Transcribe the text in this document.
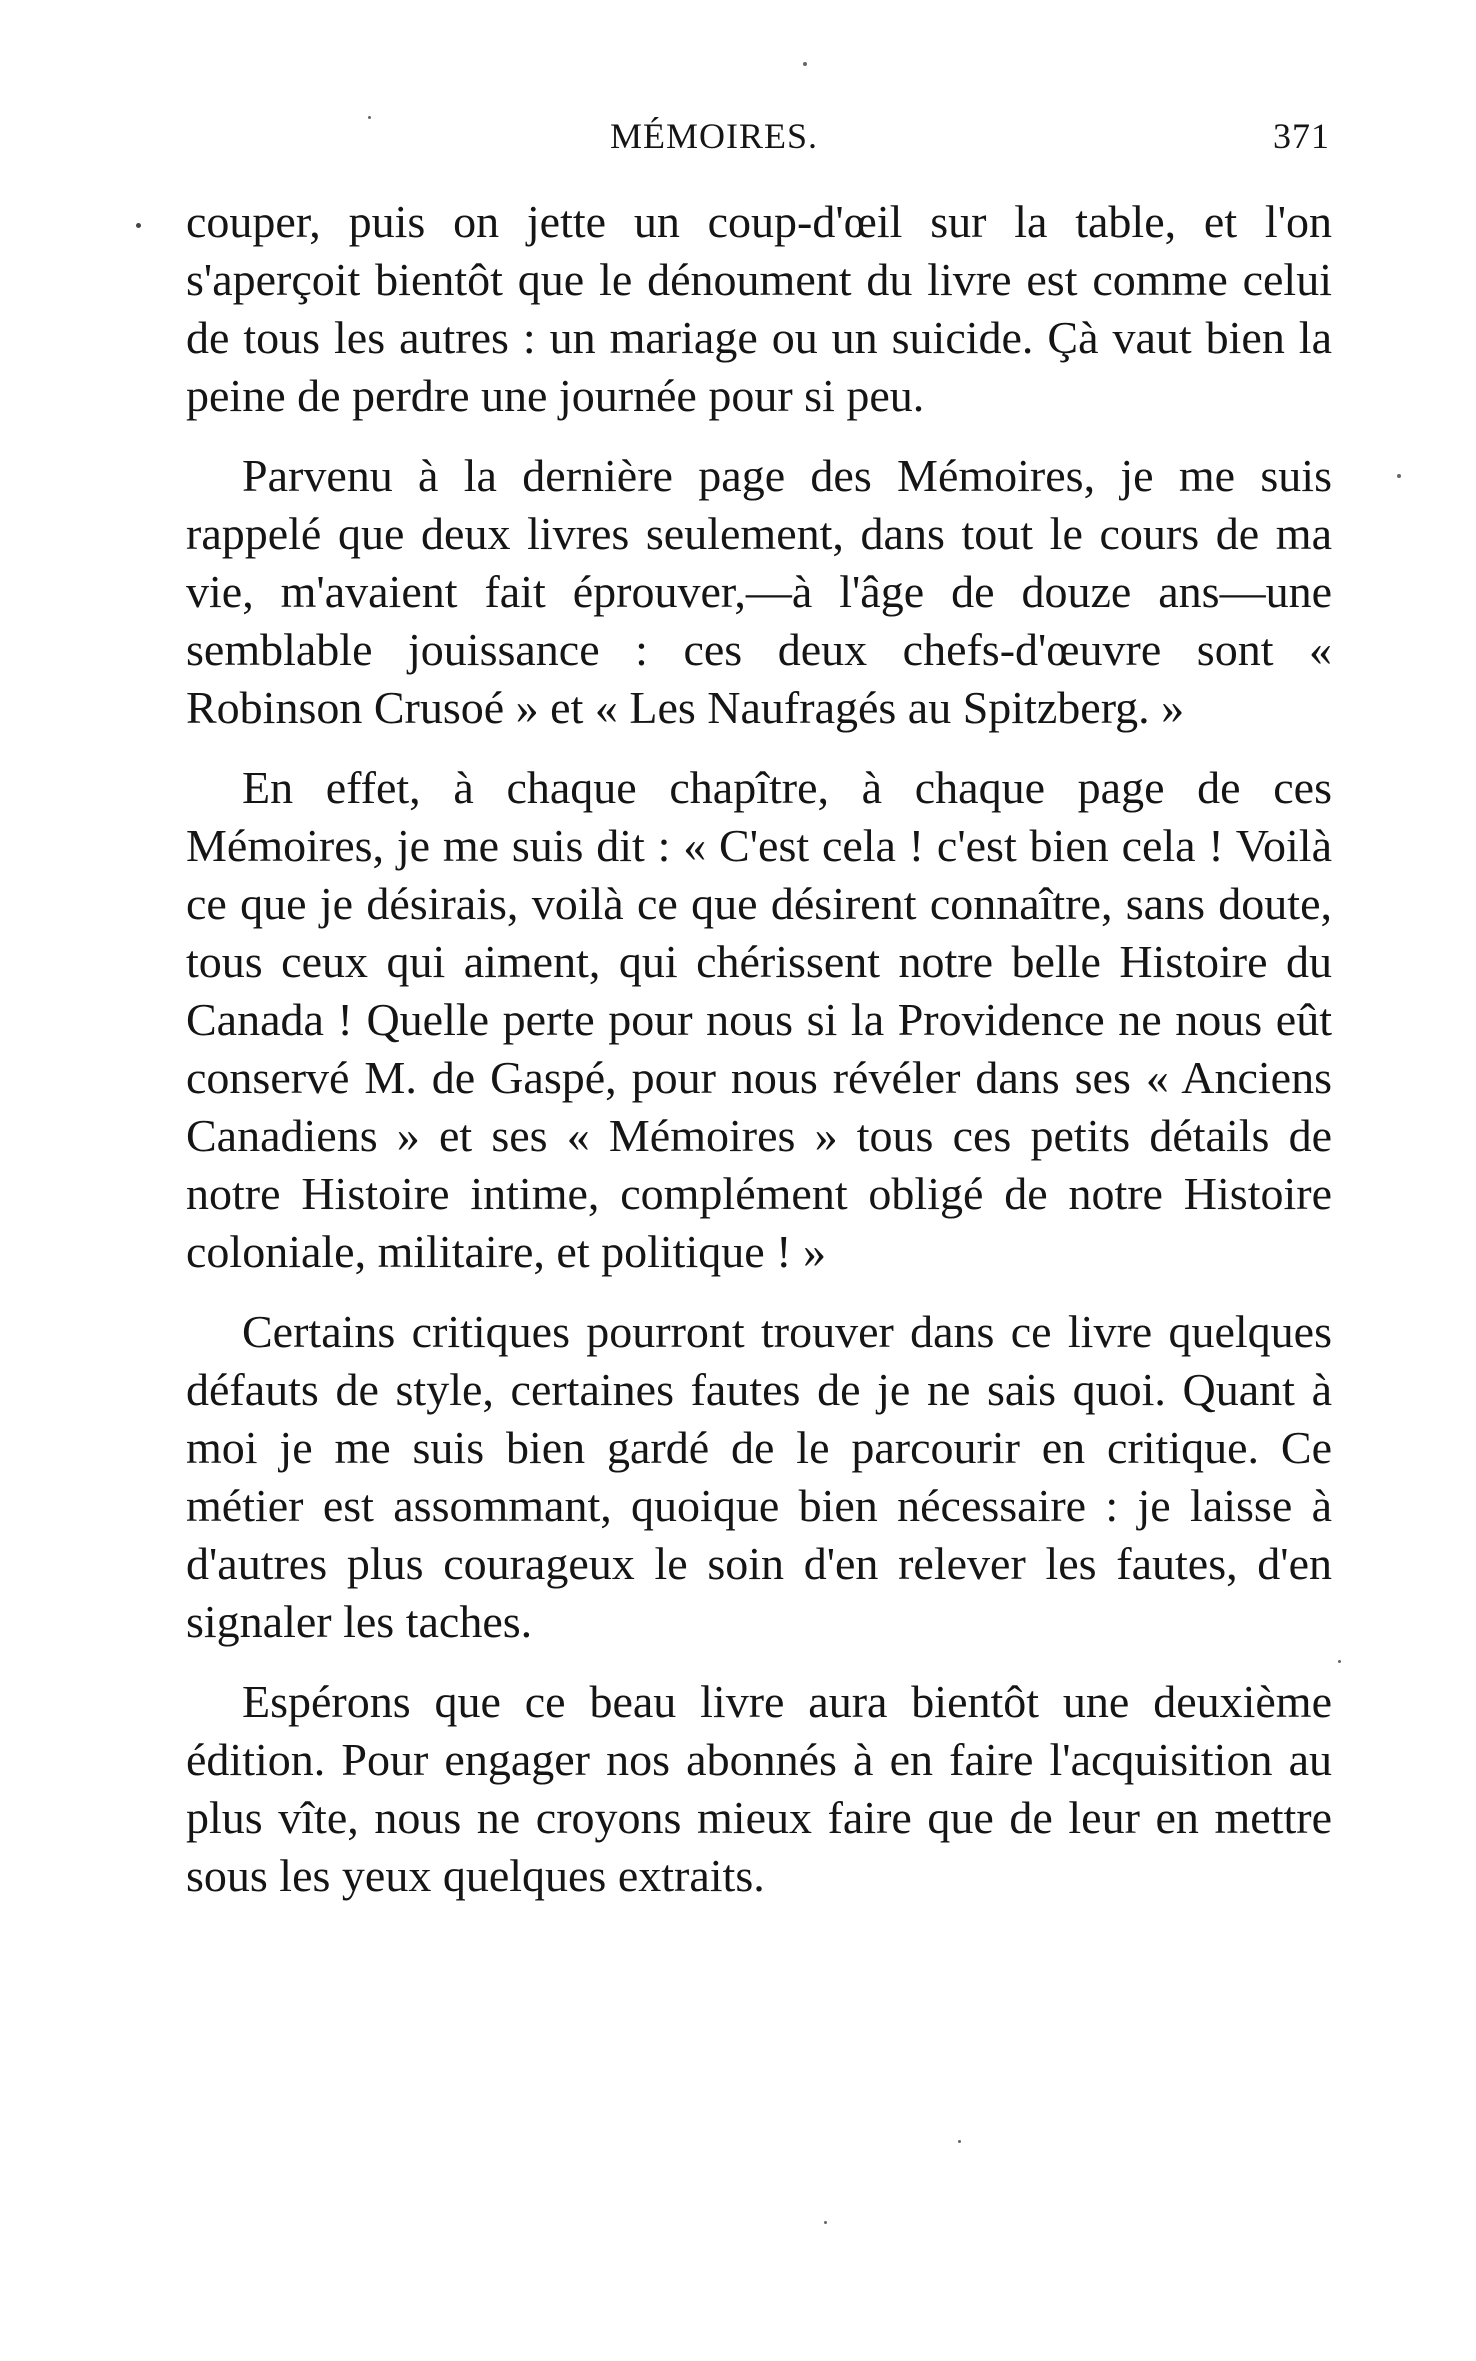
MÉMOIRES.	371

couper, puis on jette un coup-d'œil sur la table, et l'on s'aperçoit bientôt que le dénoument du livre est comme celui de tous les autres : un mariage ou un suicide. Çà vaut bien la peine de perdre une journée pour si peu.

Parvenu à la dernière page des Mémoires, je me suis rappelé que deux livres seulement, dans tout le cours de ma vie, m'avaient fait éprouver,—à l'âge de douze ans—une semblable jouissance : ces deux chefs-d'œuvre sont « Robinson Crusoé » et « Les Naufragés au Spitzberg. »

En effet, à chaque chapître, à chaque page de ces Mémoires, je me suis dit : « C'est cela ! c'est bien cela ! Voilà ce que je désirais, voilà ce que désirent connaître, sans doute, tous ceux qui aiment, qui chérissent notre belle Histoire du Canada ! Quelle perte pour nous si la Providence ne nous eût conservé M. de Gaspé, pour nous révéler dans ses « Anciens Canadiens » et ses « Mémoires » tous ces petits détails de notre Histoire intime, complément obligé de notre Histoire coloniale, militaire, et politique ! »

Certains critiques pourront trouver dans ce livre quelques défauts de style, certaines fautes de je ne sais quoi. Quant à moi je me suis bien gardé de le parcourir en critique. Ce métier est assommant, quoique bien nécessaire : je laisse à d'autres plus courageux le soin d'en relever les fautes, d'en signaler les taches.

Espérons que ce beau livre aura bientôt une deuxième édition. Pour engager nos abonnés à en faire l'acquisition au plus vîte, nous ne croyons mieux faire que de leur en mettre sous les yeux quelques extraits.
